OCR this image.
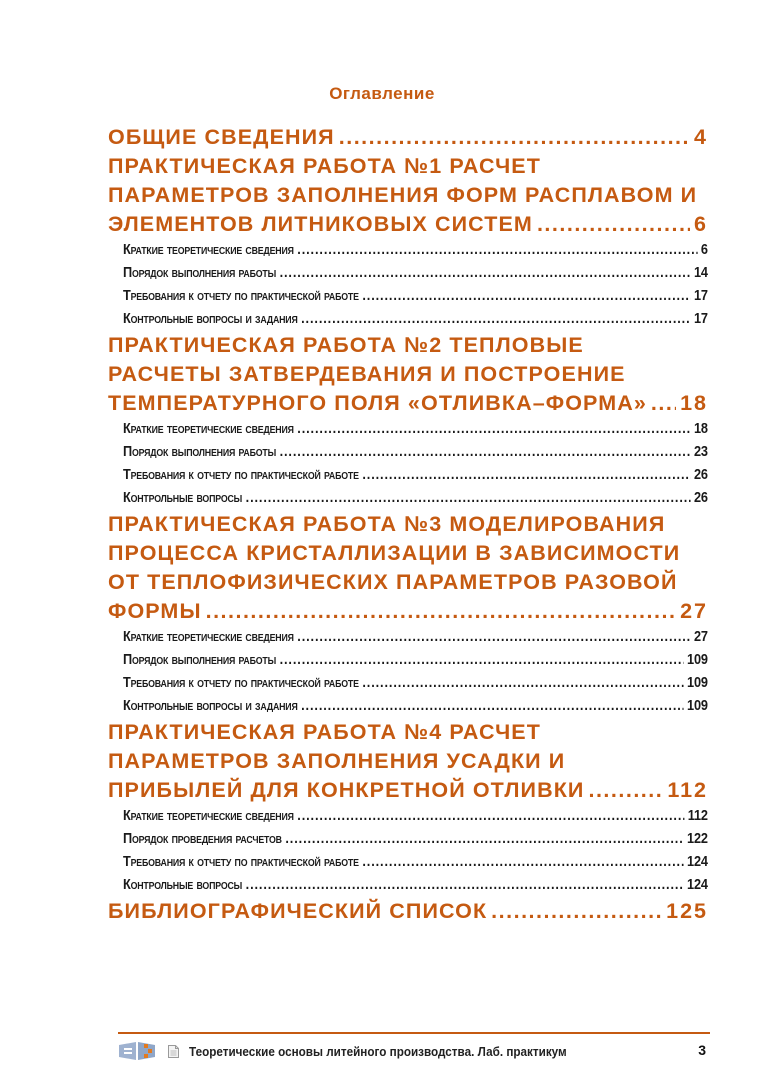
Оглавление
ОБЩИЕ СВЕДЕНИЯ .....	4
ПРАКТИЧЕСКАЯ РАБОТА №1 РАСЧЕТ
ПАРАМЕТРОВ ЗАПОЛНЕНИЯ ФОРМ РАСПЛАВОМ И
ЭЛЕМЕНТОВ ЛИТНИКОВЫХ СИСТЕМ .....	6
Краткие теоретические сведения .....	6
Порядок выполнения работы .....	14
Требования к отчету по практической работе .....	17
Контрольные вопросы и задания .....	17
ПРАКТИЧЕСКАЯ РАБОТА №2 ТЕПЛОВЫЕ
РАСЧЕТЫ ЗАТВЕРДЕВАНИЯ И ПОСТРОЕНИЕ
ТЕМПЕРАТУРНОГО ПОЛЯ «ОТЛИВКА–ФОРМА» ..... 18
Краткие теоретические сведения .....	18
Порядок выполнения работы .....	23
Требования к отчету по практической работе .....	26
Контрольные вопросы .....	26
ПРАКТИЧЕСКАЯ РАБОТА №3 МОДЕЛИРОВАНИЯ
ПРОЦЕССА КРИСТАЛЛИЗАЦИИ В ЗАВИСИМОСТИ
ОТ ТЕПЛОФИЗИЧЕСКИХ ПАРАМЕТРОВ РАЗОВОЙ
ФОРМЫ .....	27
Краткие теоретические сведения .....	27
Порядок выполнения работы .....	109
Требования к отчету по практической работе .....	109
Контрольные вопросы и задания .....	109
ПРАКТИЧЕСКАЯ РАБОТА №4 РАСЧЕТ
ПАРАМЕТРОВ ЗАПОЛНЕНИЯ УСАДКИ И
ПРИБЫЛЕЙ ДЛЯ КОНКРЕТНОЙ ОТЛИВКИ .....	112
Краткие теоретические сведения .....	112
Порядок проведения расчетов .....	122
Требования к отчету по практической работе .....	124
Контрольные вопросы .....	124
БИБЛИОГРАФИЧЕСКИЙ СПИСОК .....	125
Теоретические основы литейного производства. Лаб. практикум	3
